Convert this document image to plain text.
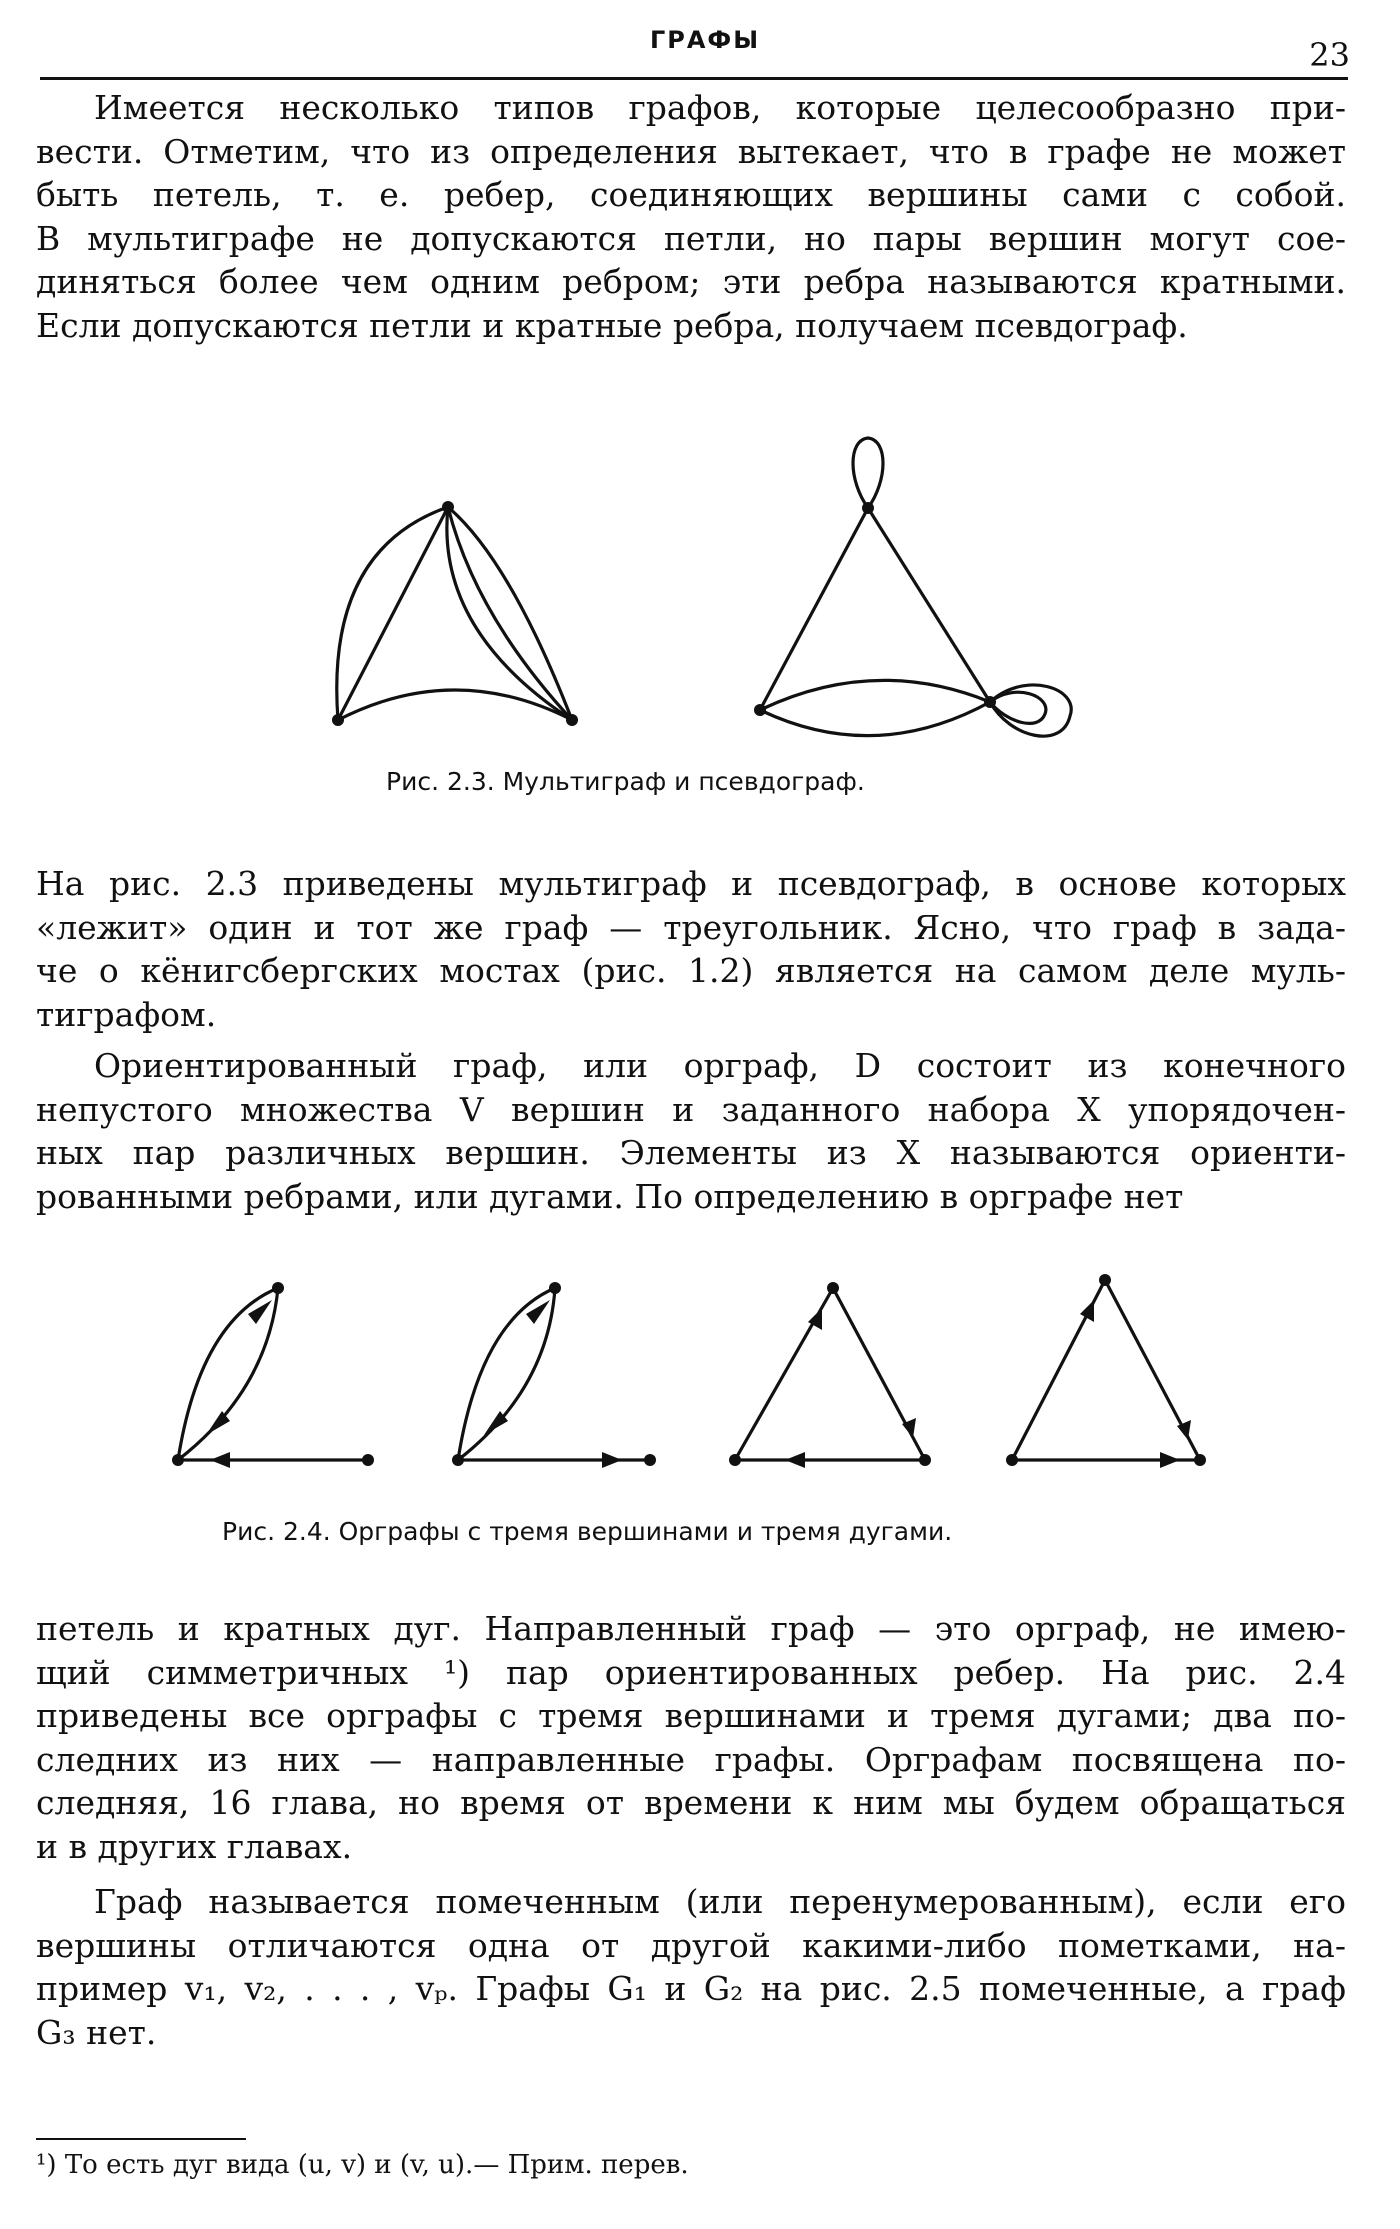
ГРАФЫ	23
Имеется несколько типов графов, которые целесообразно при-
вести. Отметим, что из определения вытекает, что в графе не может
быть петель, т. е. ребер, соединяющих вершины сами с собой.
В мультиграфе не допускаются петли, но пары вершин могут сое-
диняться более чем одним ребром; эти ребра называются кратными.
Если допускаются петли и кратные ребра, получаем псевдограф.
Рис. 2.3. Мультиграф и псевдограф.
На рис. 2.3 приведены мультиграф и псевдограф, в основе которых
«лежит» один и тот же граф — треугольник. Ясно, что граф в зада-
че о кёнигсбергских мостах (рис. 1.2) является на самом деле муль-
тиграфом.
Ориентированный граф, или орграф, D состоит из конечного
непустого множества V вершин и заданного набора X упорядочен-
ных пар различных вершин. Элементы из X называются ориенти-
рованными ребрами, или дугами. По определению в орграфе нет
Рис. 2.4. Орграфы с тремя вершинами и тремя дугами.
петель и кратных дуг. Направленный граф — это орграф, не имею-
щий симметричных ¹) пар ориентированных ребер. На рис. 2.4
приведены все орграфы с тремя вершинами и тремя дугами; два по-
следних из них — направленные графы. Орграфам посвящена по-
следняя, 16 глава, но время от времени к ним мы будем обращаться
и в других главах.
Граф называется помеченным (или перенумерованным), если его
вершины отличаются одна от другой какими-либо пометками, на-
пример v₁, v₂, . . . , vₚ. Графы G₁ и G₂ на рис. 2.5 помеченные, а граф
G₃ нет.
¹) То есть дуг вида (u, v) и (v, u).— Прим. перев.
